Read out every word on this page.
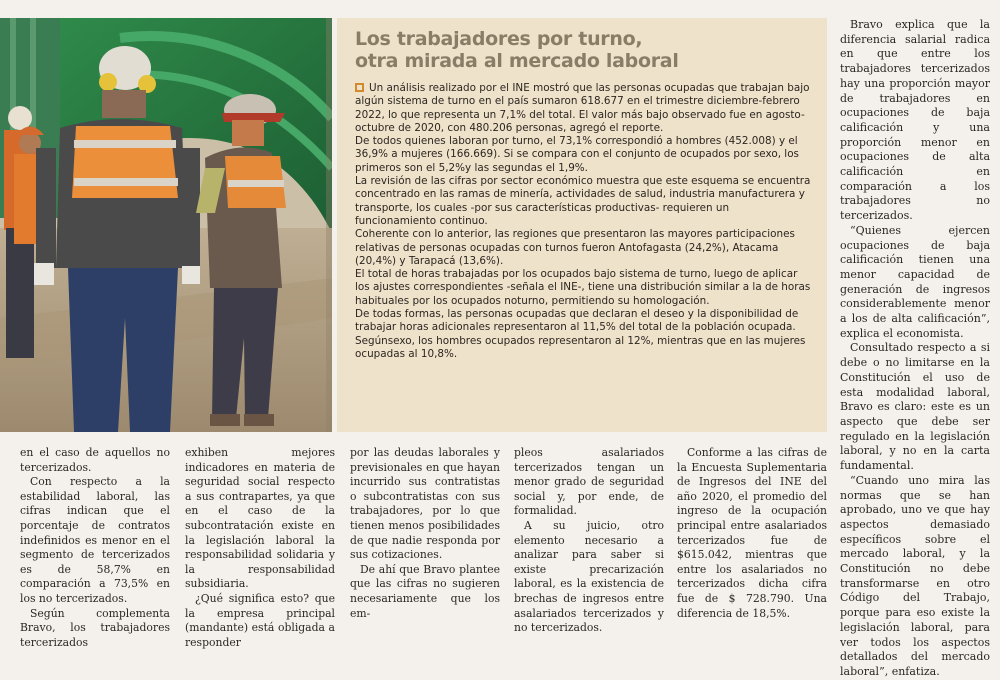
Los trabajadores por turno,
otra mirada al mercado laboral

Un análisis realizado por el INE mostró que las personas ocupadas que trabajan bajo algún sistema de turno en el país sumaron 618.677 en el trimestre diciembre-febrero 2022, lo que representa un 7,1% del total. El valor más bajo observado fue en agosto-octubre de 2020, con 480.206 personas, agregó el reporte.

De todos quienes laboran por turno, el 73,1% correspondió a hombres (452.008) y el 36,9% a mujeres (166.669). Si se compara con el conjunto de ocupados por sexo, los primeros son el 5,2%y las segundas el 1,9%.

La revisión de las cifras por sector económico muestra que este esquema se encuentra concentrado en las ramas de minería, actividades de salud, industria manufacturera y transporte, los cuales -por sus características productivas- requieren un funcionamiento continuo.

Coherente con lo anterior, las regiones que presentaron las mayores participaciones relativas de personas ocupadas con turnos fueron Antofagasta (24,2%), Atacama (20,4%) y Tarapacá (13,6%).

El total de horas trabajadas por los ocupados bajo sistema de turno, luego de aplicar los ajustes correspondientes -señala el INE-, tiene una distribución similar a la de horas habituales por los ocupados noturno, permitiendo su homologación.

De todas formas, las personas ocupadas que declaran el deseo y la disponibilidad de trabajar horas adicionales representaron al 11,5% del total de la población ocupada.

Segúnsexo, los hombres ocupados representaron al 12%, mientras que en las mujeres ocupadas al 10,8%.

Bravo explica que la diferencia salarial radica en que entre los trabajadores tercerizados hay una proporción mayor de trabajadores en ocupaciones de baja calificación y una proporción menor en ocupaciones de alta calificación en comparación a los trabajadores no tercerizados.

“Quienes ejercen ocupaciones de baja calificación tienen una menor capacidad de generación de ingresos considerablemente menor a los de alta calificación”, explica el economista.

Consultado respecto a si debe o no limitarse en la Constitución el uso de esta modalidad laboral, Bravo es claro: este es un aspecto que debe ser regulado en la legislación laboral, y no en la carta fundamental.

“Cuando uno mira las normas que se han aprobado, uno ve que hay aspectos demasiado específicos sobre el mercado laboral, y la Constitución no debe transformarse en otro Código del Trabajo, porque para eso existe la legislación laboral, para ver todos los aspectos detallados del mercado laboral”, enfatiza.

en el caso de aquellos no tercerizados.

Con respecto a la estabilidad laboral, las cifras indican que el porcentaje de contratos indefinidos es menor en el segmento de tercerizados es de 58,7% en comparación a 73,5% en los no tercerizados.

Según complementa Bravo, los trabajadores tercerizados

exhiben mejores indicadores en materia de seguridad social respecto a sus contrapartes, ya que en el caso de la subcontratación existe en la legislación laboral la responsabilidad solidaria y la responsabilidad subsidiaria.

¿Qué significa esto? que la empresa principal (mandante) está obligada a responder

por las deudas laborales y previsionales en que hayan incurrido sus contratistas o subcontratistas con sus trabajadores, por lo que tienen menos posibilidades de que nadie responda por sus cotizaciones.

De ahí que Bravo plantee que las cifras no sugieren necesariamente que los em-

pleos asalariados tercerizados tengan un menor grado de seguridad social y, por ende, de formalidad.

A su juicio, otro elemento necesario a analizar para saber si existe precarización laboral, es la existencia de brechas de ingresos entre asalariados tercerizados y no tercerizados.

Conforme a las cifras de la Encuesta Suplementaria de Ingresos del INE del año 2020, el promedio del ingreso de la ocupación principal entre asalariados tercerizados fue de $615.042, mientras que entre los asalariados no tercerizados dicha cifra fue de $ 728.790. Una diferencia de 18,5%.
